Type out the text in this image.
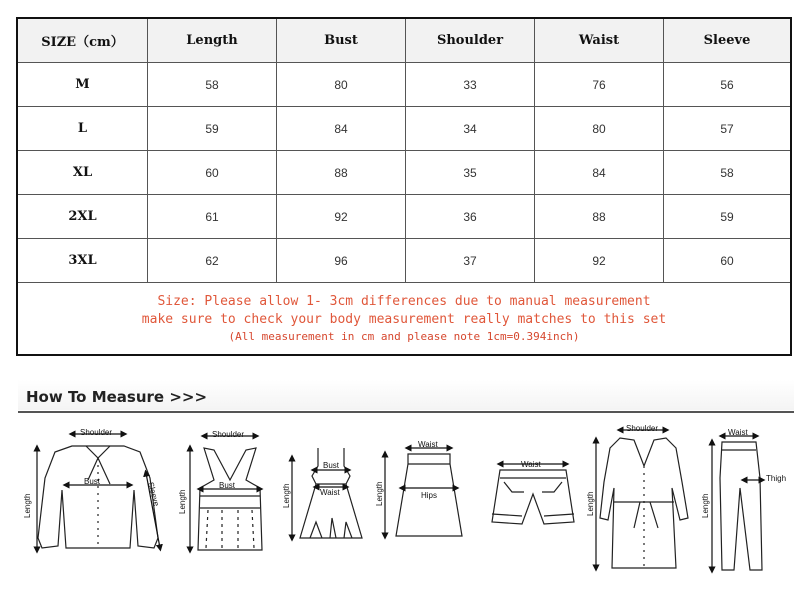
SIZE（cm）	Length	Bust	Shoulder	Waist	Sleeve
M	58	80	33	76	56
L	59	84	34	80	57
XL	60	88	35	84	58
2XL	61	92	36	88	59
3XL	62	96	37	92	60
Size: Please allow 1- 3cm differences due to manual measurement
make sure to check your body measurement really matches to this set
(All measurement in cm and please note 1cm=0.394inch)
How To Measure >>>
Shoulder
Bust
Length	Sleeve
Shoulder
Bust
Length
Bust
Waist
Length
Waist
Hips
Length
Waist
Shoulder
Length
Waist
Thigh
Length
